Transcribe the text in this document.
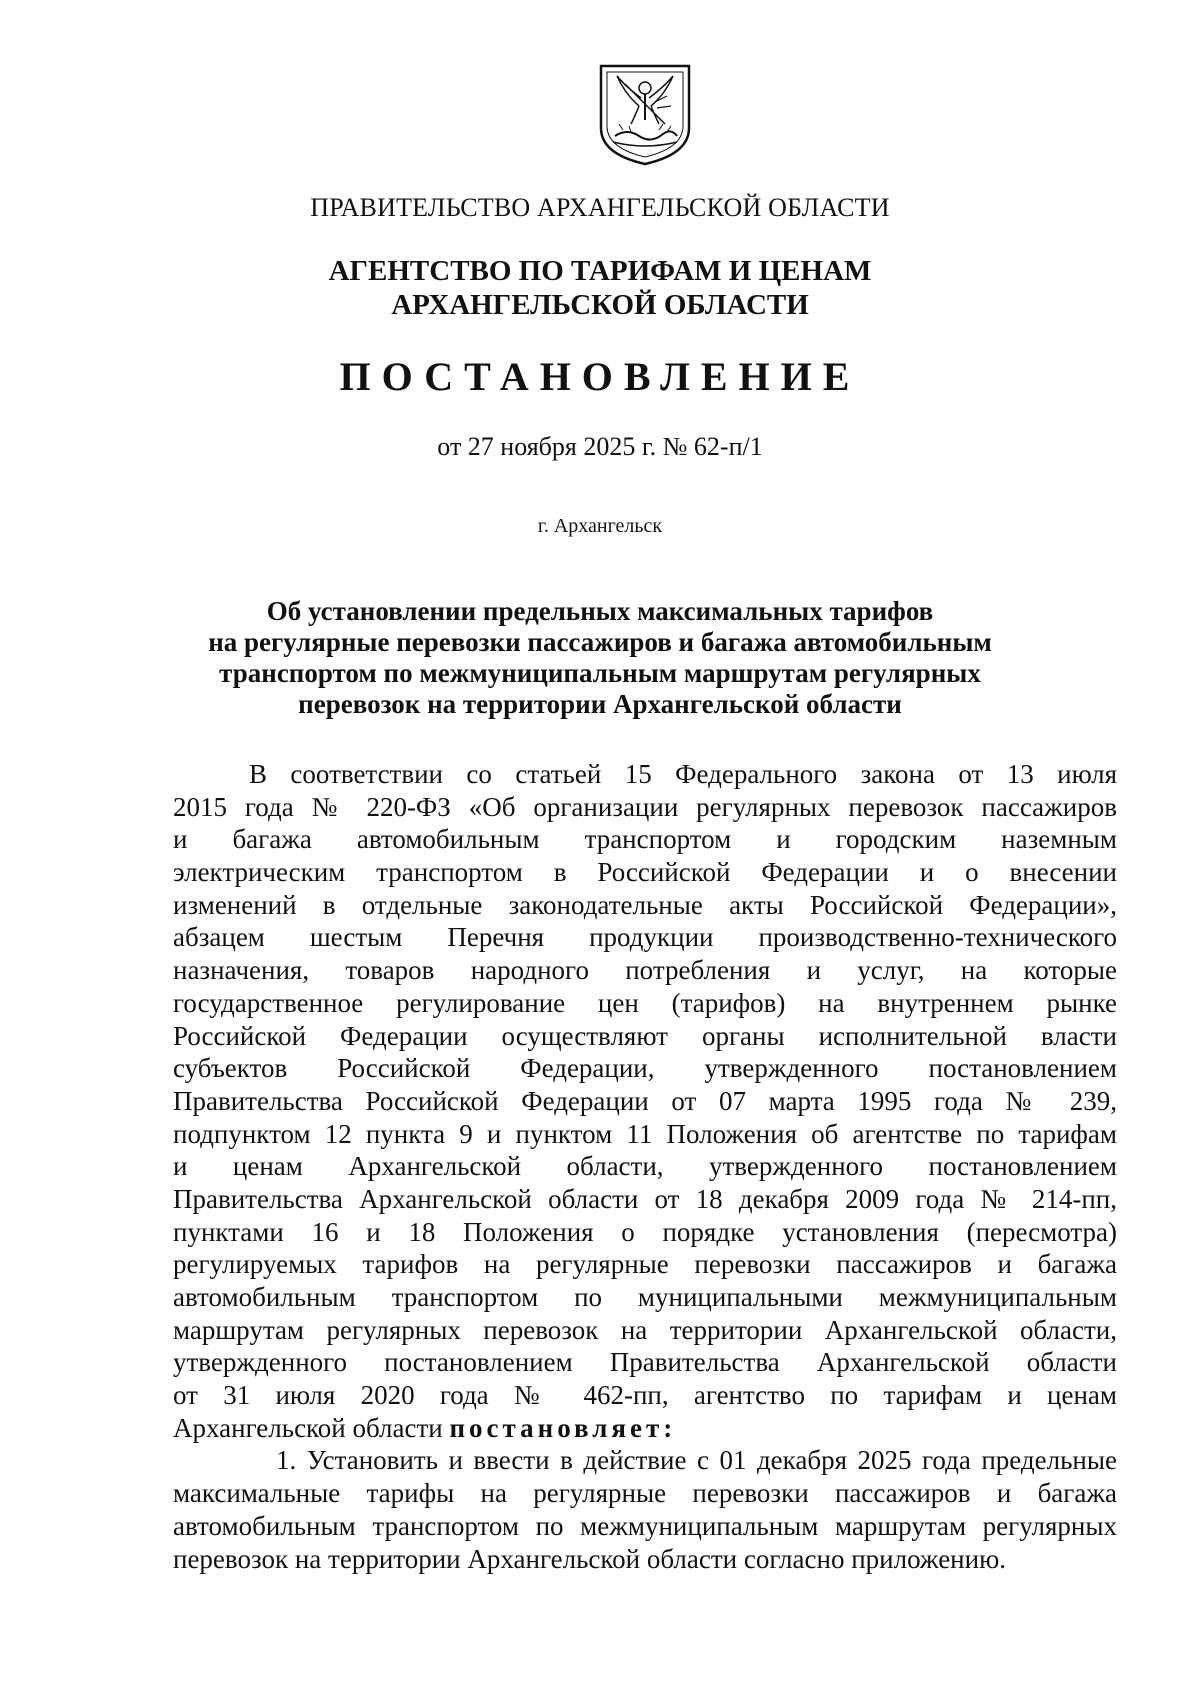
ПРАВИТЕЛЬСТВО АРХАНГЕЛЬСКОЙ ОБЛАСТИ
АГЕНТСТВО ПО ТАРИФАМ И ЦЕНАМ
АРХАНГЕЛЬСКОЙ ОБЛАСТИ
ПОСТАНОВЛЕНИЕ
от 27 ноября 2025 г. № 62-п/1
г. Архангельск
Об установлении предельных максимальных тарифов
на регулярные перевозки пассажиров и багажа автомобильным
транспортом по межмуниципальным маршрутам регулярных
перевозок на территории Архангельской области
В соответствии со статьей 15 Федерального закона от 13 июля
2015 года № 220-ФЗ «Об организации регулярных перевозок пассажиров
и багажа автомобильным транспортом и городским наземным
электрическим транспортом в Российской Федерации и о внесении
изменений в отдельные законодательные акты Российской Федерации»,
абзацем шестым Перечня продукции производственно-технического
назначения, товаров народного потребления и услуг, на которые
государственное регулирование цен (тарифов) на внутреннем рынке
Российской Федерации осуществляют органы исполнительной власти
субъектов Российской Федерации, утвержденного постановлением
Правительства Российской Федерации от 07 марта 1995 года № 239,
подпунктом 12 пункта 9 и пунктом 11 Положения об агентстве по тарифам
и ценам Архангельской области, утвержденного постановлением
Правительства Архангельской области от 18 декабря 2009 года № 214-пп,
пунктами 16 и 18 Положения о порядке установления (пересмотра)
регулируемых тарифов на регулярные перевозки пассажиров и багажа
автомобильным транспортом по муниципальными межмуниципальным
маршрутам регулярных перевозок на территории Архангельской области,
утвержденного постановлением Правительства Архангельской области
от 31 июля 2020 года № 462-пп, агентство по тарифам и ценам
Архангельской области постановляет:
1. Установить и ввести в действие с 01 декабря 2025 года предельные
максимальные тарифы на регулярные перевозки пассажиров и багажа
автомобильным транспортом по межмуниципальным маршрутам регулярных
перевозок на территории Архангельской области согласно приложению.
